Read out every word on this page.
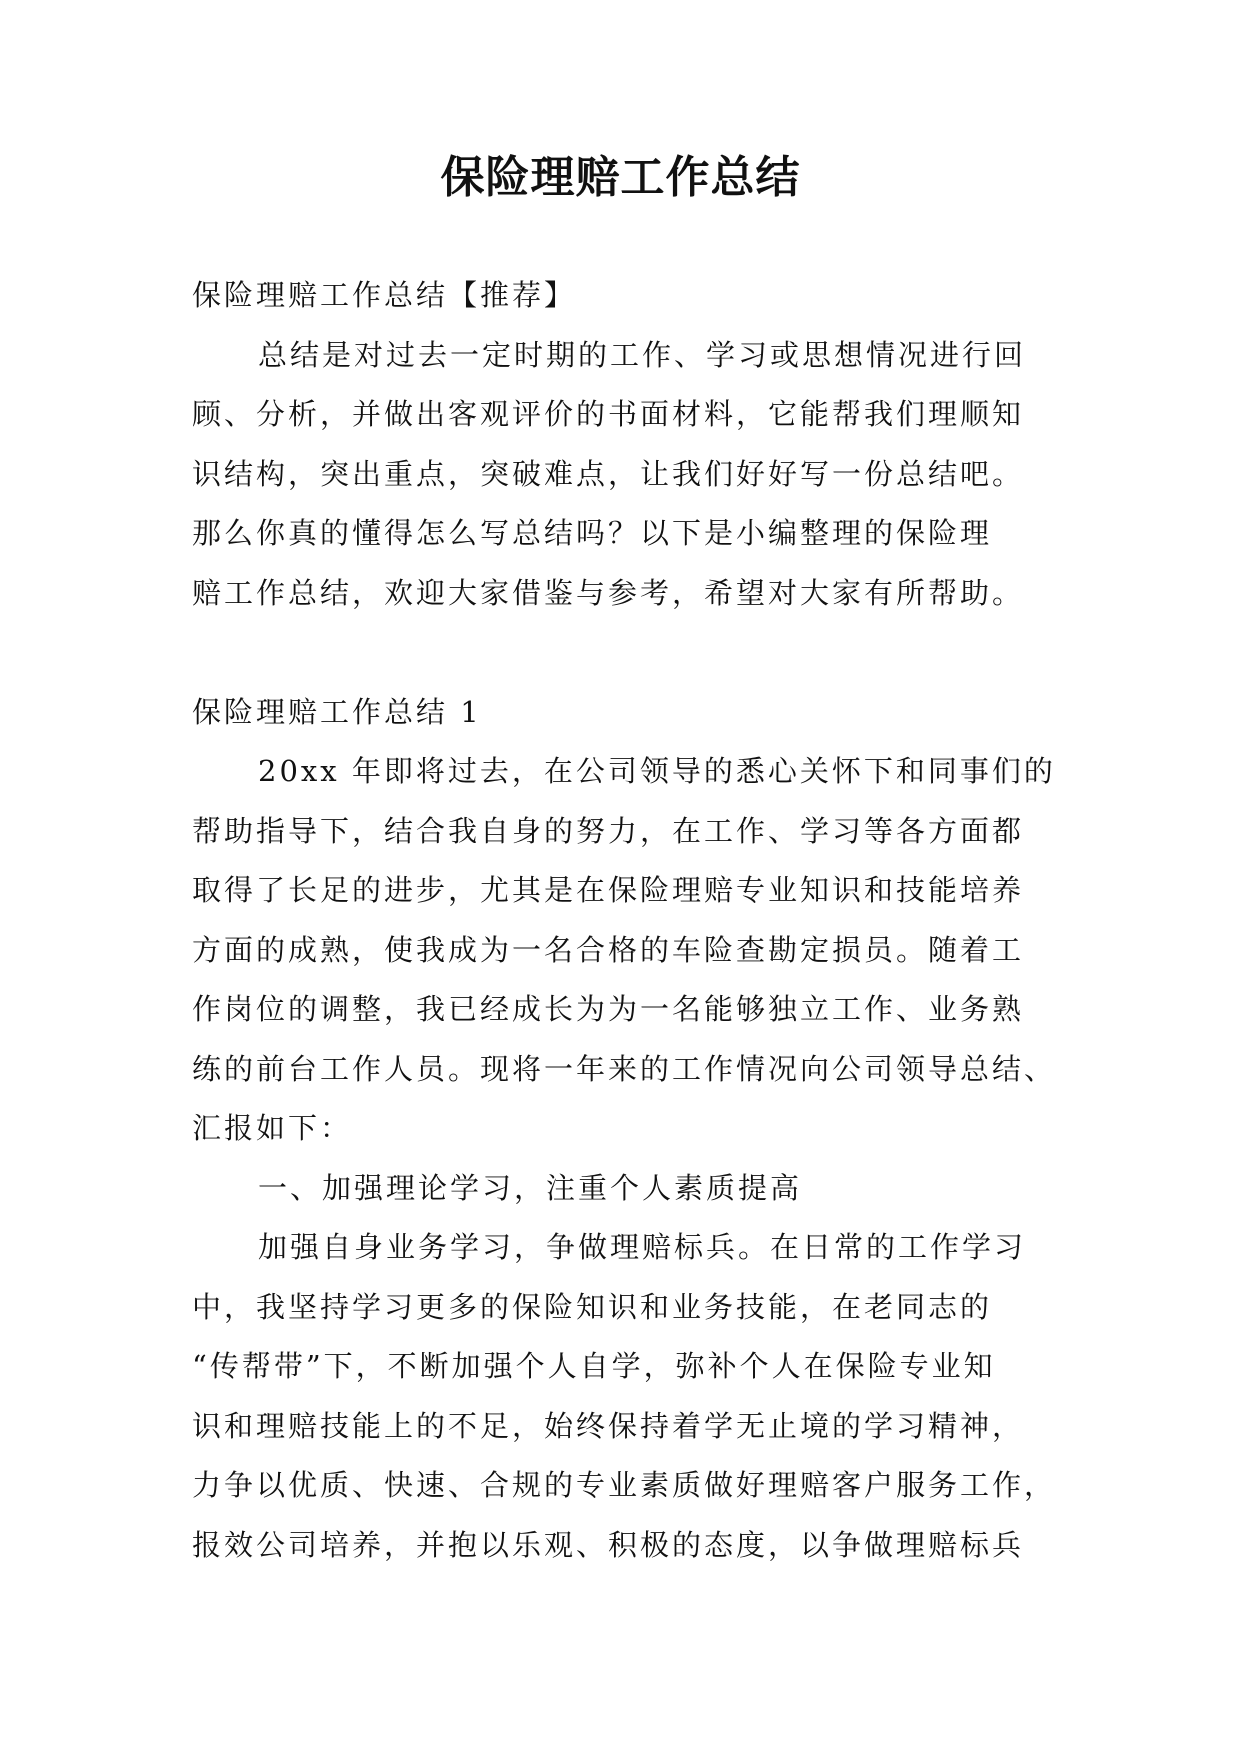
保险理赔工作总结
保险理赔工作总结【推荐】
总结是对过去一定时期的工作、学习或思想情况进行回
顾、分析，并做出客观评价的书面材料，它能帮我们理顺知
识结构，突出重点，突破难点，让我们好好写一份总结吧。
那么你真的懂得怎么写总结吗？以下是小编整理的保险理
赔工作总结，欢迎大家借鉴与参考，希望对大家有所帮助。
保险理赔工作总结 1
20xx 年即将过去，在公司领导的悉心关怀下和同事们的
帮助指导下，结合我自身的努力，在工作、学习等各方面都
取得了长足的进步，尤其是在保险理赔专业知识和技能培养
方面的成熟，使我成为一名合格的车险查勘定损员。随着工
作岗位的调整，我已经成长为为一名能够独立工作、业务熟
练的前台工作人员。现将一年来的工作情况向公司领导总结、
汇报如下：
一、加强理论学习，注重个人素质提高
加强自身业务学习，争做理赔标兵。在日常的工作学习
中，我坚持学习更多的保险知识和业务技能，在老同志的
“传帮带”下，不断加强个人自学，弥补个人在保险专业知
识和理赔技能上的不足，始终保持着学无止境的学习精神，
力争以优质、快速、合规的专业素质做好理赔客户服务工作，
报效公司培养，并抱以乐观、积极的态度，以争做理赔标兵
